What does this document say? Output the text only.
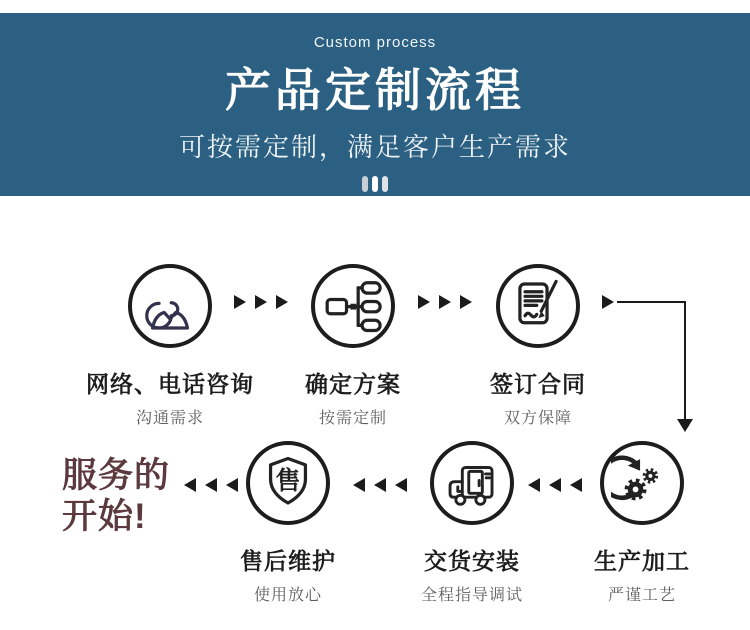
Custom process
产品定制流程
可按需定制，满足客户生产需求
网络、电话咨询
沟通需求
确定方案
按需定制
签订合同
双方保障
服务的
开始!
售
售后维护
使用放心
交货安装
全程指导调试
生产加工
严谨工艺
